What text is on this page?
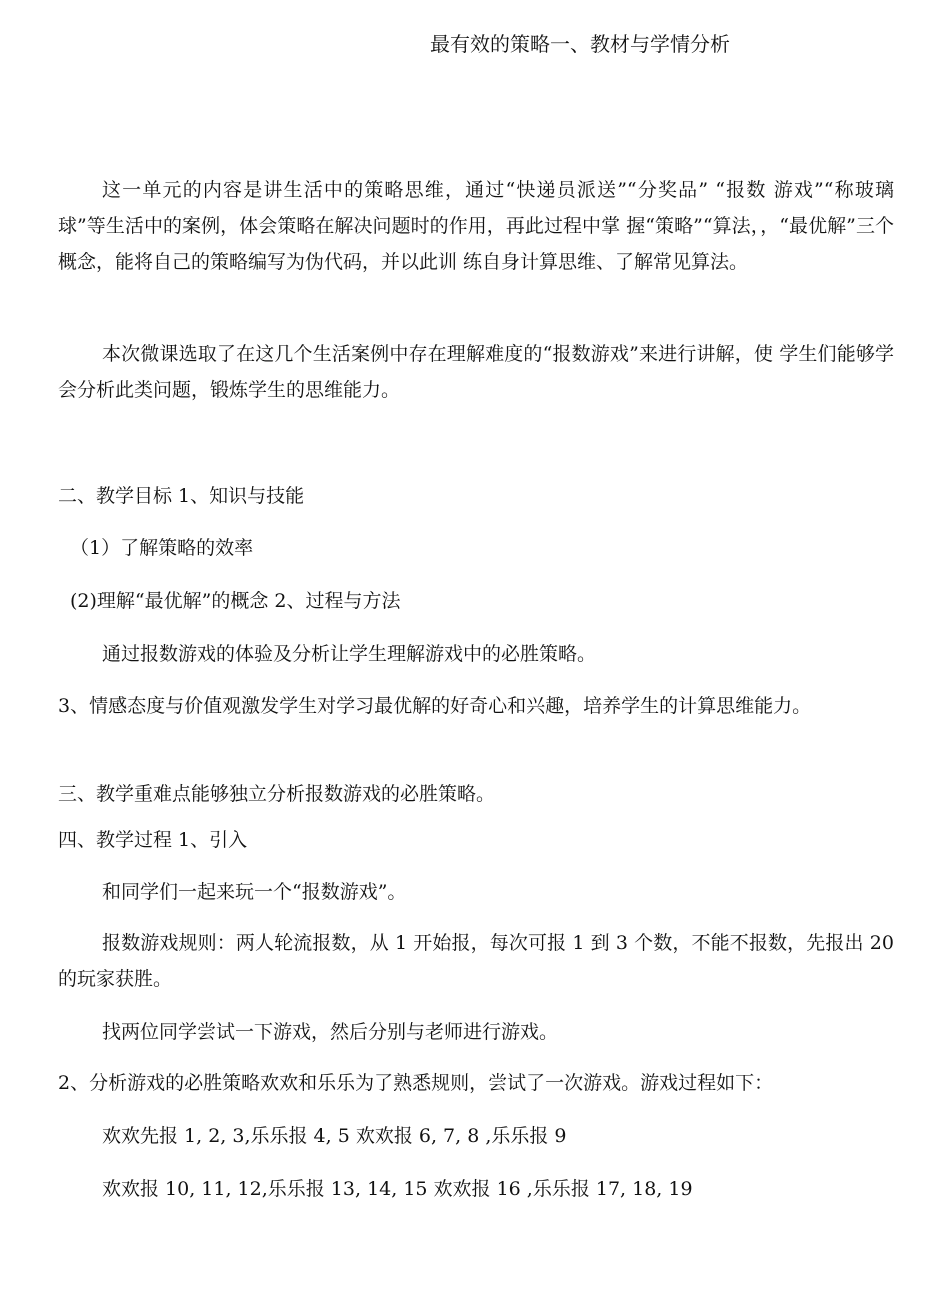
最有效的策略一、教材与学情分析
这一单元的内容是讲生活中的策略思维，通过“快递员派送”“分奖品” “报数 游戏”“称玻璃球”等生活中的案例，体会策略在解决问题时的作用，再此过程中掌 握“策略”“算法，，“最优解”三个概念，能将自己的策略编写为伪代码，并以此训 练自身计算思维、了解常见算法。
本次微课选取了在这几个生活案例中存在理解难度的“报数游戏”来进行讲解，使 学生们能够学会分析此类问题，锻炼学生的思维能力。
二、教学目标 1、知识与技能
（1）了解策略的效率
(2)理解“最优解”的概念 2、过程与方法
通过报数游戏的体验及分析让学生理解游戏中的必胜策略。
3、情感态度与价值观激发学生对学习最优解的好奇心和兴趣，培养学生的计算思维能力。
三、教学重难点能够独立分析报数游戏的必胜策略。
四、教学过程 1、引入
和同学们一起来玩一个“报数游戏”。
报数游戏规则：两人轮流报数，从 1 开始报，每次可报 1 到 3 个数，不能不报数，先报出 20 的玩家获胜。
找两位同学尝试一下游戏，然后分别与老师进行游戏。
2、分析游戏的必胜策略欢欢和乐乐为了熟悉规则，尝试了一次游戏。游戏过程如下：
欢欢先报 1, 2, 3,乐乐报 4, 5 欢欢报 6, 7, 8 ,乐乐报 9
欢欢报 10, 11, 12,乐乐报 13, 14, 15 欢欢报 16 ,乐乐报 17, 18, 19
